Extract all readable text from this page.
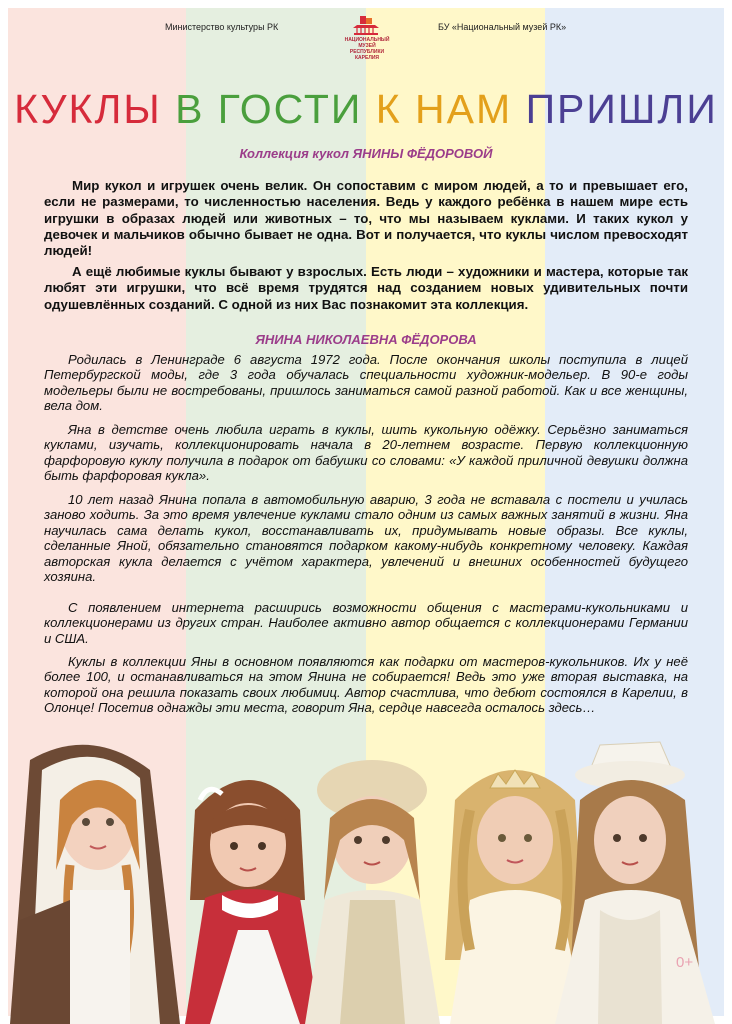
Министерство культуры РК	БУ «Национальный музей РК»
НАЦИОНАЛЬНЫЙ
МУЗЕЙ
РЕСПУБЛИКИ
КАРЕЛИЯ
КУКЛЫ В ГОСТИ К НАМ ПРИШЛИ
Коллекция кукол ЯНИНЫ ФЁДОРОВОЙ

Мир кукол и игрушек очень велик. Он сопоставим с миром людей, а то и превышает его, если не размерами, то численностью населения. Ведь у каждого ребёнка в нашем мире есть игрушки в образах людей или животных – то, что мы называем куклами. И таких кукол у девочек и мальчиков обычно бывает не одна. Вот и получается, что куклы числом превосходят людей!

А ещё любимые куклы бывают у взрослых. Есть люди – художники и мастера, которые так любят эти игрушки, что всё время трудятся над созданием новых удивительных почти одушевлённых созданий. С одной из них Вас познакомит эта коллекция.

ЯНИНА НИКОЛАЕВНА ФЁДОРОВА

Родилась в Ленинграде 6 августа 1972 года. После окончания школы поступила в лицей Петербургской моды, где 3 года обучалась специальности художник-модельер. В 90-е годы модельеры были не востребованы, пришлось заниматься самой разной работой. Как и все женщины, вела дом.

Яна в детстве очень любила играть в куклы, шить кукольную одёжку. Серьёзно заниматься куклами, изучать, коллекционировать начала в 20-летнем возрасте. Первую коллекционную фарфоровую куклу получила в подарок от бабушки со словами: «У каждой приличной девушки должна быть фарфоровая кукла».

10 лет назад Янина попала в автомобильную аварию, 3 года не вставала с постели и училась заново ходить. За это время увлечение куклами стало одним из самых важных занятий в жизни. Яна научилась сама делать кукол, восстанавливать их, придумывать новые образы. Все куклы, сделанные Яной, обязательно становятся подарком какому-нибудь конкретному человеку. Каждая авторская кукла делается с учётом характера, увлечений и внешних особенностей будущего хозяина.

С появлением интернета расширись возможности общения с мастерами-кукольниками и коллекционерами из других стран. Наиболее активно автор общается с коллекционерами Германии и США.

Куклы в коллекции Яны в основном появляются как подарки от мастеров-кукольников. Их у неё более 100, и останавливаться на этом Янина не собирается! Ведь это уже вторая выставка, на которой она решила показать своих любимиц. Автор счастлива, что дебют состоялся в Карелии, в Олонце! Посетив однажды эти места, говорит Яна, сердце навсегда осталось здесь…

0+
